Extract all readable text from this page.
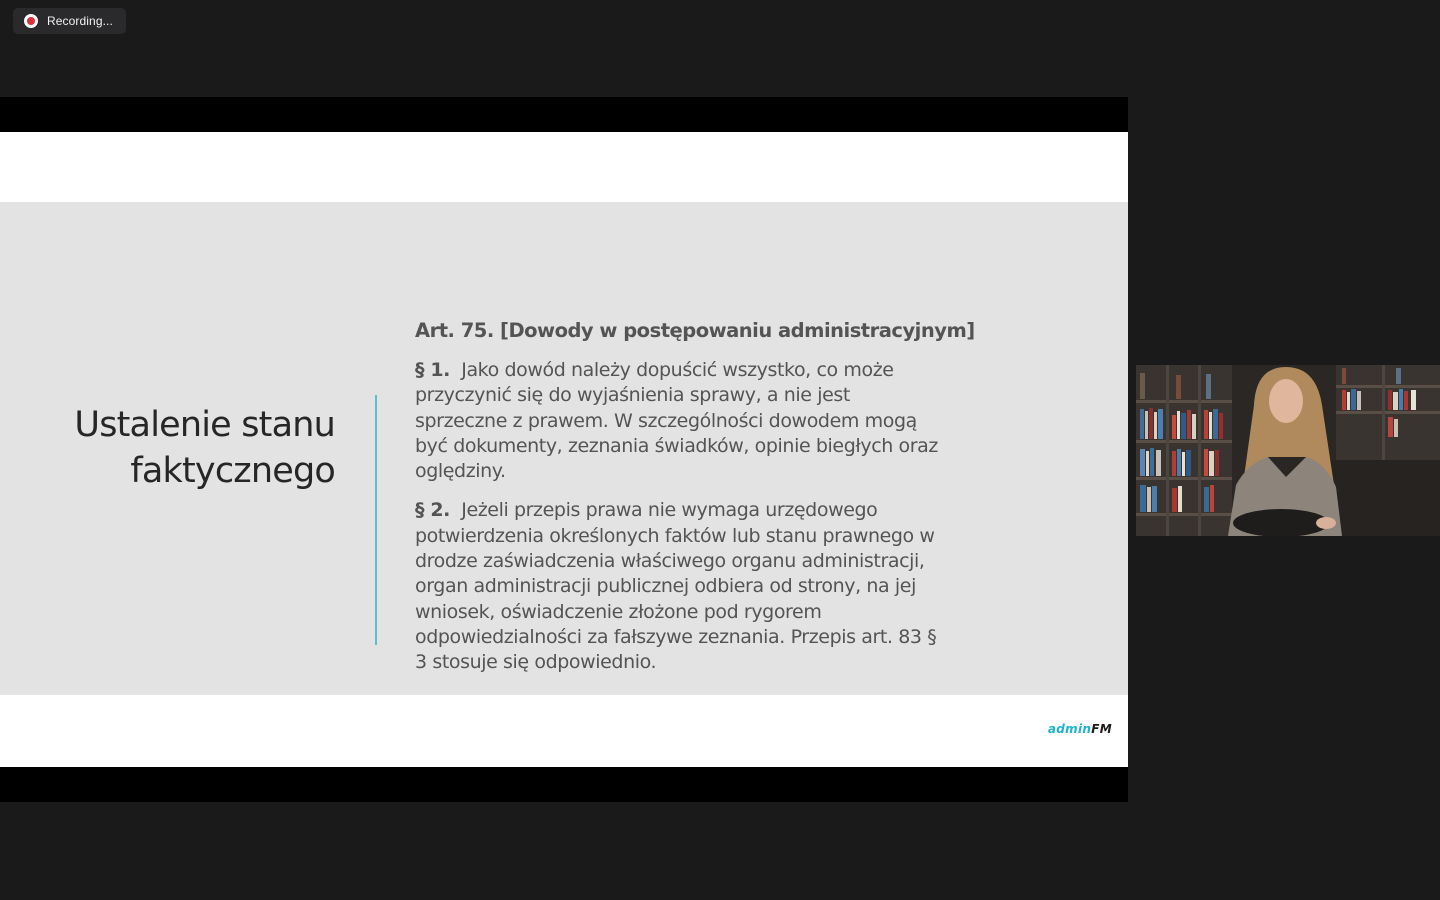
Recording...
Ustalenie stanu
faktycznego
Art. 75. [Dowody w postępowaniu administracyjnym]
§ 1. Jako dowód należy dopuścić wszystko, co może
przyczynić się do wyjaśnienia sprawy, a nie jest
sprzeczne z prawem. W szczególności dowodem mogą
być dokumenty, zeznania świadków, opinie biegłych oraz
oględziny.
§ 2. Jeżeli przepis prawa nie wymaga urzędowego
potwierdzenia określonych faktów lub stanu prawnego w
drodze zaświadczenia właściwego organu administracji,
organ administracji publicznej odbiera od strony, na jej
wniosek, oświadczenie złożone pod rygorem
odpowiedzialności za fałszywe zeznania. Przepis art. 83 §
3 stosuje się odpowiednio.
adminFM
